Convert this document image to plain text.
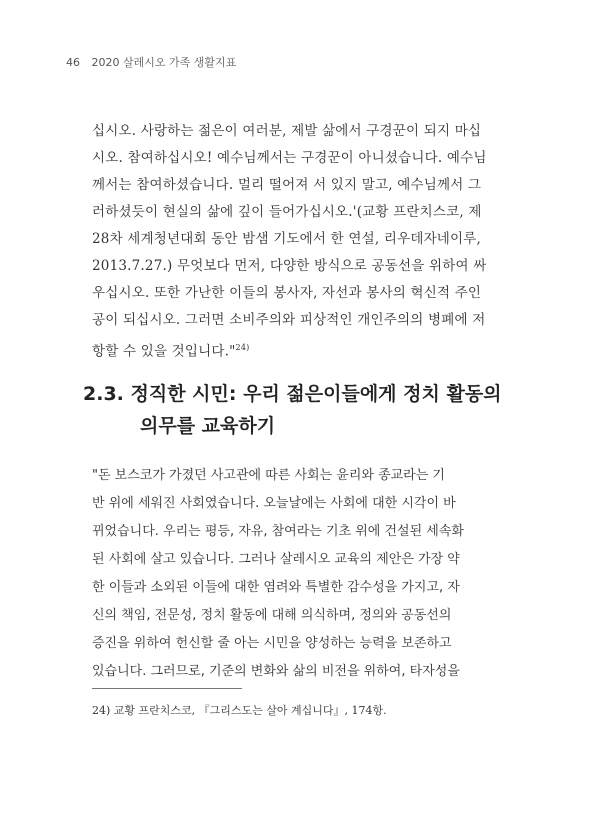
46 2020 살레시오 가족 생활지표
십시오. 사랑하는 젊은이 여러분, 제발 삶에서 구경꾼이 되지 마십
시오. 참여하십시오! 예수님께서는 구경꾼이 아니셨습니다. 예수님
께서는 참여하셨습니다. 멀리 떨어져 서 있지 말고, 예수님께서 그
러하셨듯이 현실의 삶에 깊이 들어가십시오.'(교황 프란치스코, 제
28차 세계청년대회 동안 밤샘 기도에서 한 연설, 리우데자네이루,
2013.7.27.) 무엇보다 먼저, 다양한 방식으로 공동선을 위하여 싸
우십시오. 또한 가난한 이들의 봉사자, 자선과 봉사의 혁신적 주인
공이 되십시오. 그러면 소비주의와 피상적인 개인주의의 병폐에 저
항할 수 있을 것입니다."$^{24)}$
2.3. 정직한 시민: 우리 젊은이들에게 정치 활동의
의무를 교육하기
"돈 보스코가 가졌던 사고관에 따른 사회는 윤리와 종교라는 기
반 위에 세워진 사회였습니다. 오늘날에는 사회에 대한 시각이 바
뀌었습니다. 우리는 평등, 자유, 참여라는 기초 위에 건설된 세속화
된 사회에 살고 있습니다. 그러나 살레시오 교육의 제안은 가장 약
한 이들과 소외된 이들에 대한 염려와 특별한 감수성을 가지고, 자
신의 책임, 전문성, 정치 활동에 대해 의식하며, 정의와 공동선의
증진을 위하여 헌신할 줄 아는 시민을 양성하는 능력을 보존하고
있습니다. 그러므로, 기준의 변화와 삶의 비전을 위하여, 타자성을
24) 교황 프란치스코, 『그리스도는 살아 계십니다』, 174항.
